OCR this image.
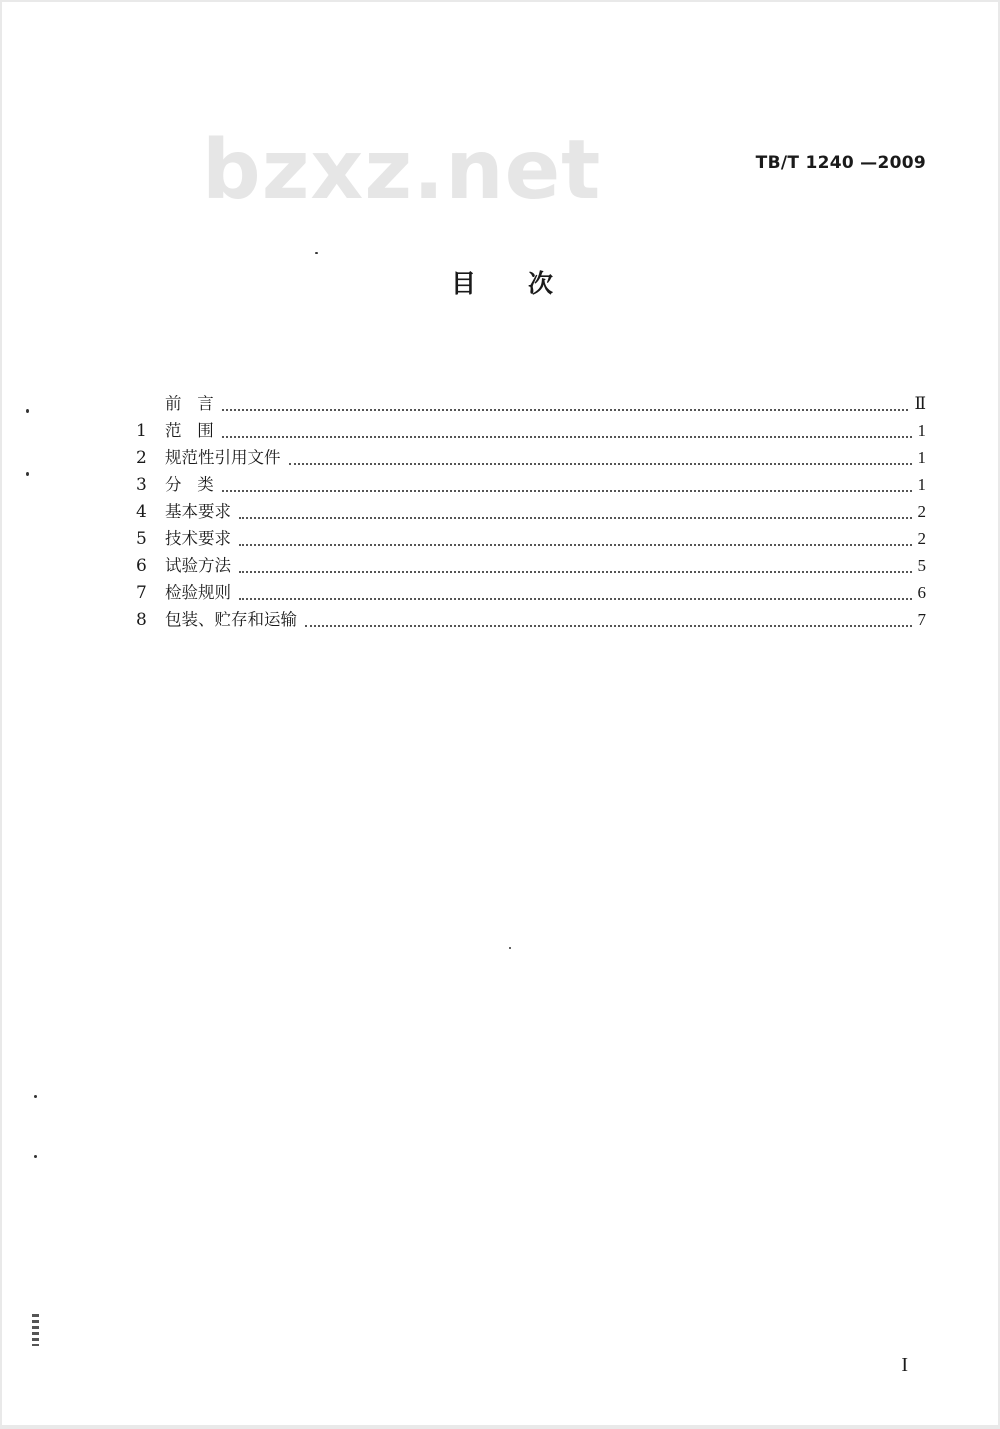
bzxz.net	TB/T 1240 —2009
目次
前   言	Ⅱ
1	范   围	1
2	规范性引用文件	1
3	分   类	1
4	基本要求	2
5	技术要求	2
6	试验方法	5
7	检验规则	6
8	包装、贮存和运输	7
I
